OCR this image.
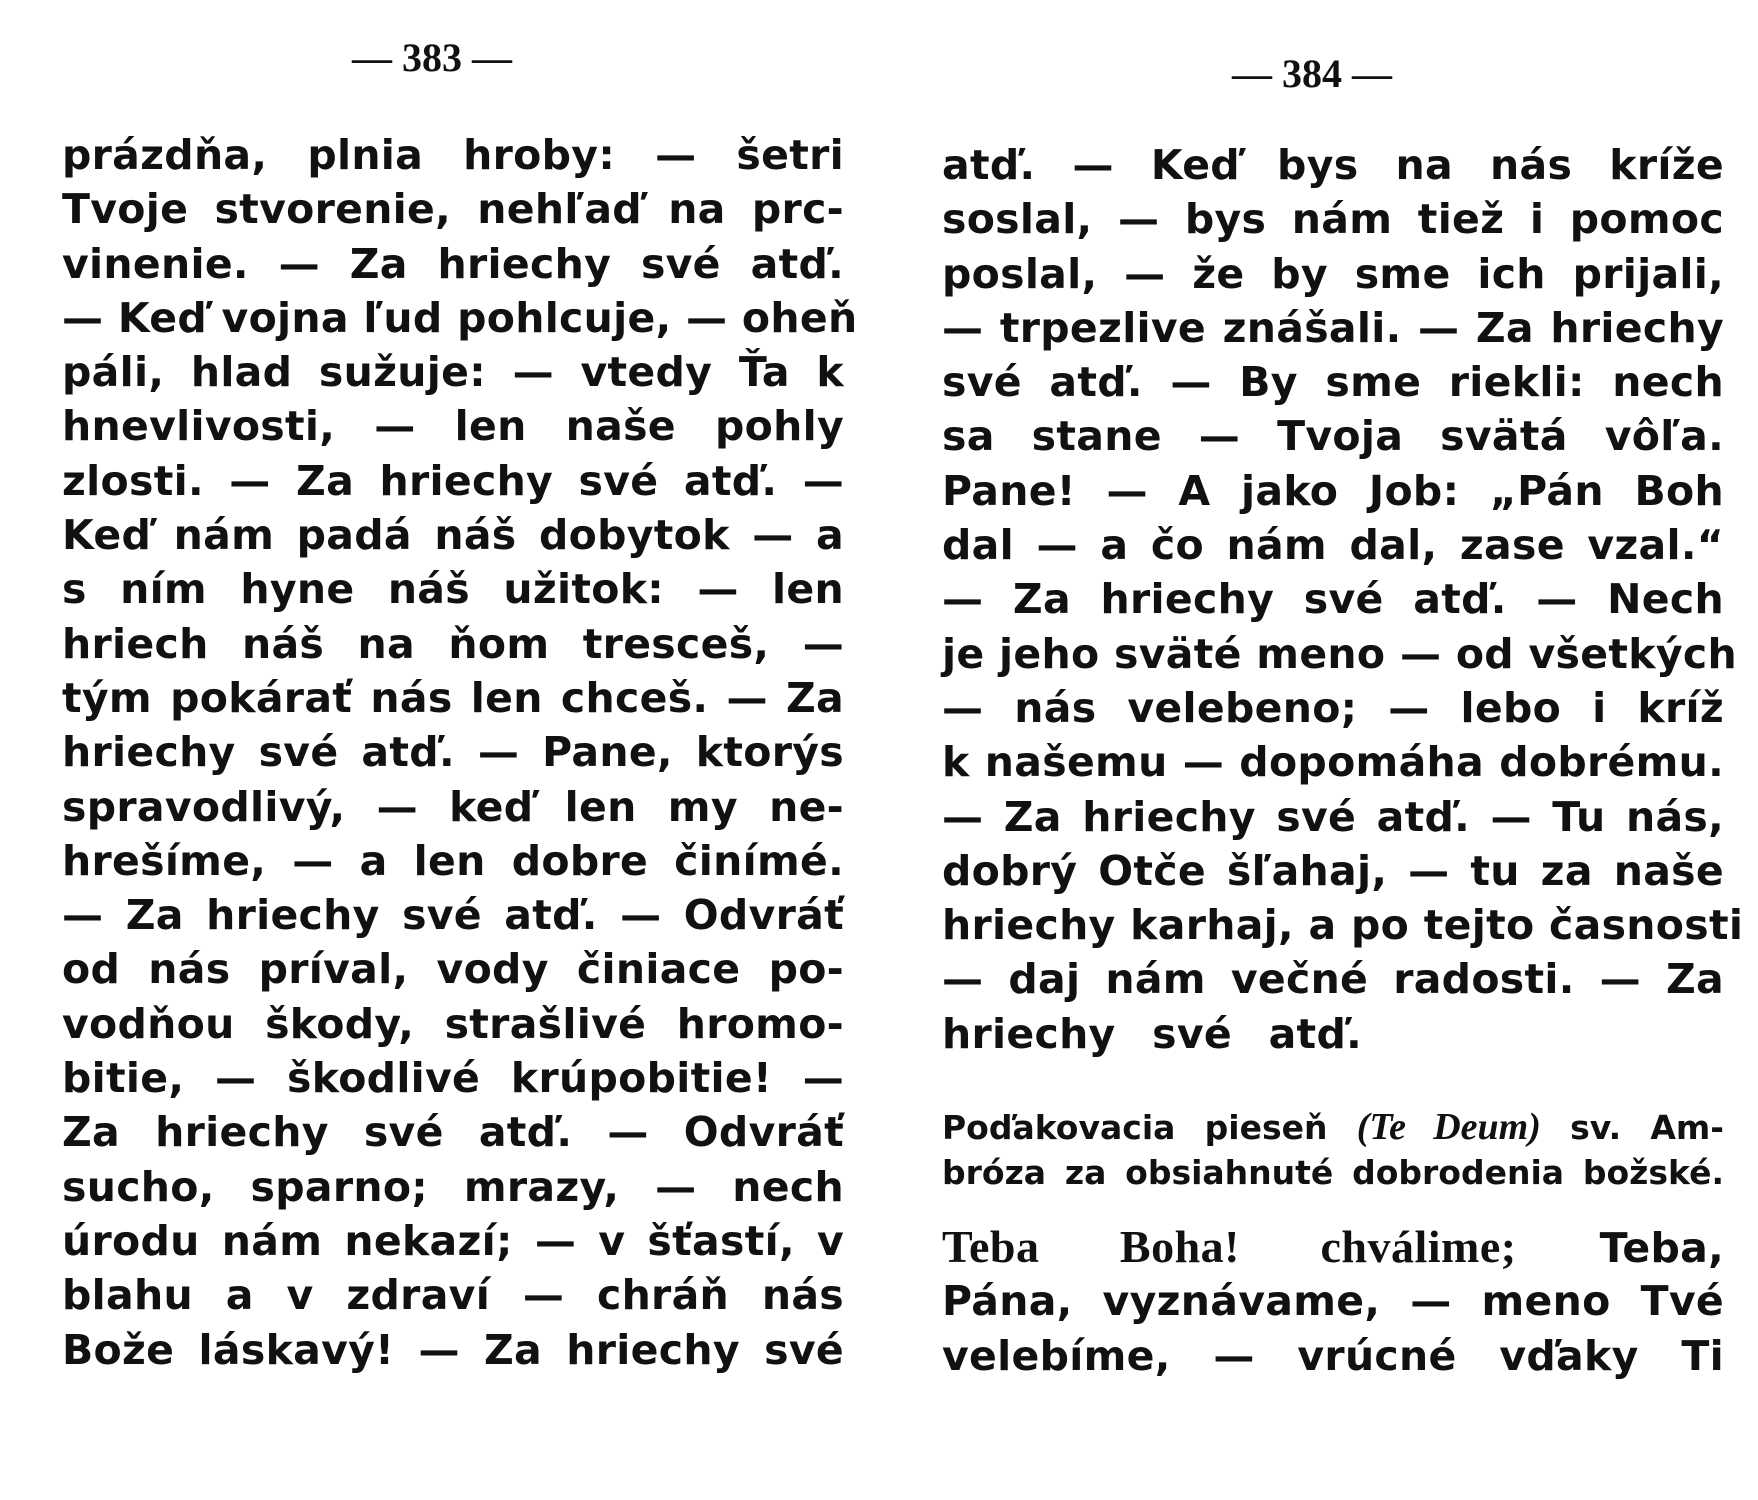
— 383 —
prázdňa, plnia hroby: — šetri
Tvoje stvorenie, nehľaď na prc-
vinenie. — Za hriechy své atď.
— Keď vojna ľud pohlcuje, — oheň
páli, hlad sužuje: — vtedy Ťa k
hnevlivosti, — len naše pohly
zlosti. — Za hriechy své atď. —
Keď nám padá náš dobytok — a
s ním hyne náš užitok: — len
hriech náš na ňom tresceš, —
tým pokárať nás len chceš. — Za
hriechy své atď. — Pane, ktorýs
spravodlivý, — keď len my ne-
hrešíme, — a len dobre činímé.
— Za hriechy své atď. — Odvráť
od nás príval, vody činiace po-
vodňou škody, strašlivé hromo-
bitie, — škodlivé krúpobitie! —
Za hriechy své atď. — Odvráť
sucho, sparno; mrazy, — nech
úrodu nám nekazí; — v šťastí, v
blahu a v zdraví — chráň nás
Bože láskavý! — Za hriechy své
— 384 —
atď. — Keď bys na nás kríže
soslal, — bys nám tiež i pomoc
poslal, — že by sme ich prijali,
— trpezlive znášali. — Za hriechy
své atď. — By sme riekli: nech
sa stane — Tvoja svätá vôľa.
Pane! — A jako Job: „Pán Boh
dal — a čo nám dal, zase vzal.“
— Za hriechy své atď. — Nech
je jeho sväté meno — od všetkých
— nás velebeno; — lebo i kríž
k našemu — dopomáha dobrému.
— Za hriechy své atď. — Tu nás,
dobrý Otče šľahaj, — tu za naše
hriechy karhaj, a po tejto časnosti
— daj nám večné radosti. — Za
hriechy své atď.
Poďakovacia pieseň (Te Deum) sv. Am-
bróza za obsiahnuté dobrodenia božské.
Teba Boha! chválime; Teba,
Pána, vyznávame, — meno Tvé
velebíme, — vrúcné vďaky Ti
